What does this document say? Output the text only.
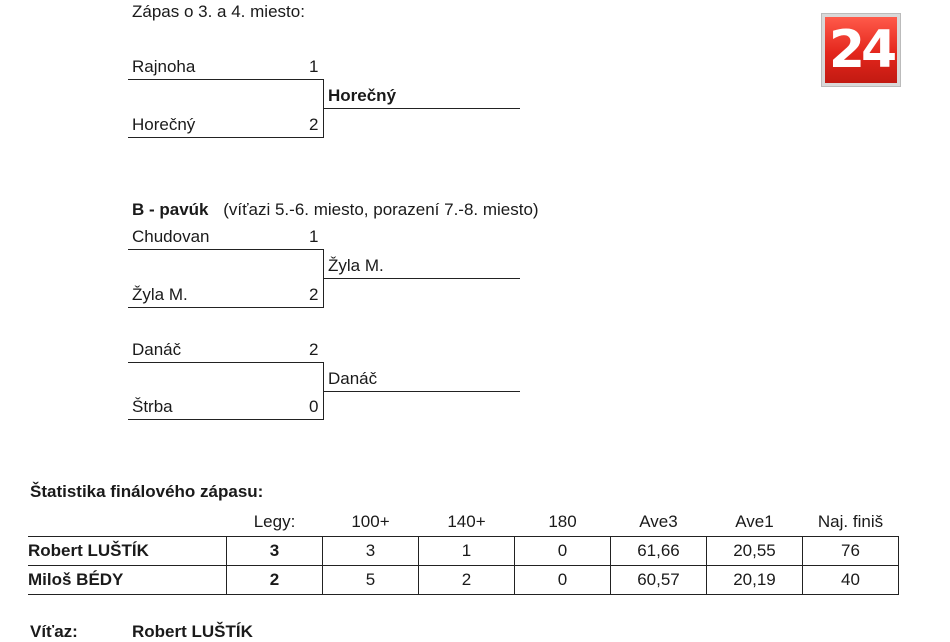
Zápas o 3. a 4. miesto:
Rajnoha	1
Horečný	2
Horečný
24
B - pavúk (víťazi 5.-6. miesto, porazení 7.-8. miesto)
Chudovan	1
Žyla M.	2
Žyla M.
Danáč	2
Štrba	0
Danáč
Štatistika finálového zápasu:
	Legy:	100+	140+	180	Ave3	Ave1	Naj. finiš
Robert LUŠTÍK	3	3	1	0	61,66	20,55	76
Miloš BÉDY	2	5	2	0	60,57	20,19	40
Víťaz:	Robert LUŠTÍK
